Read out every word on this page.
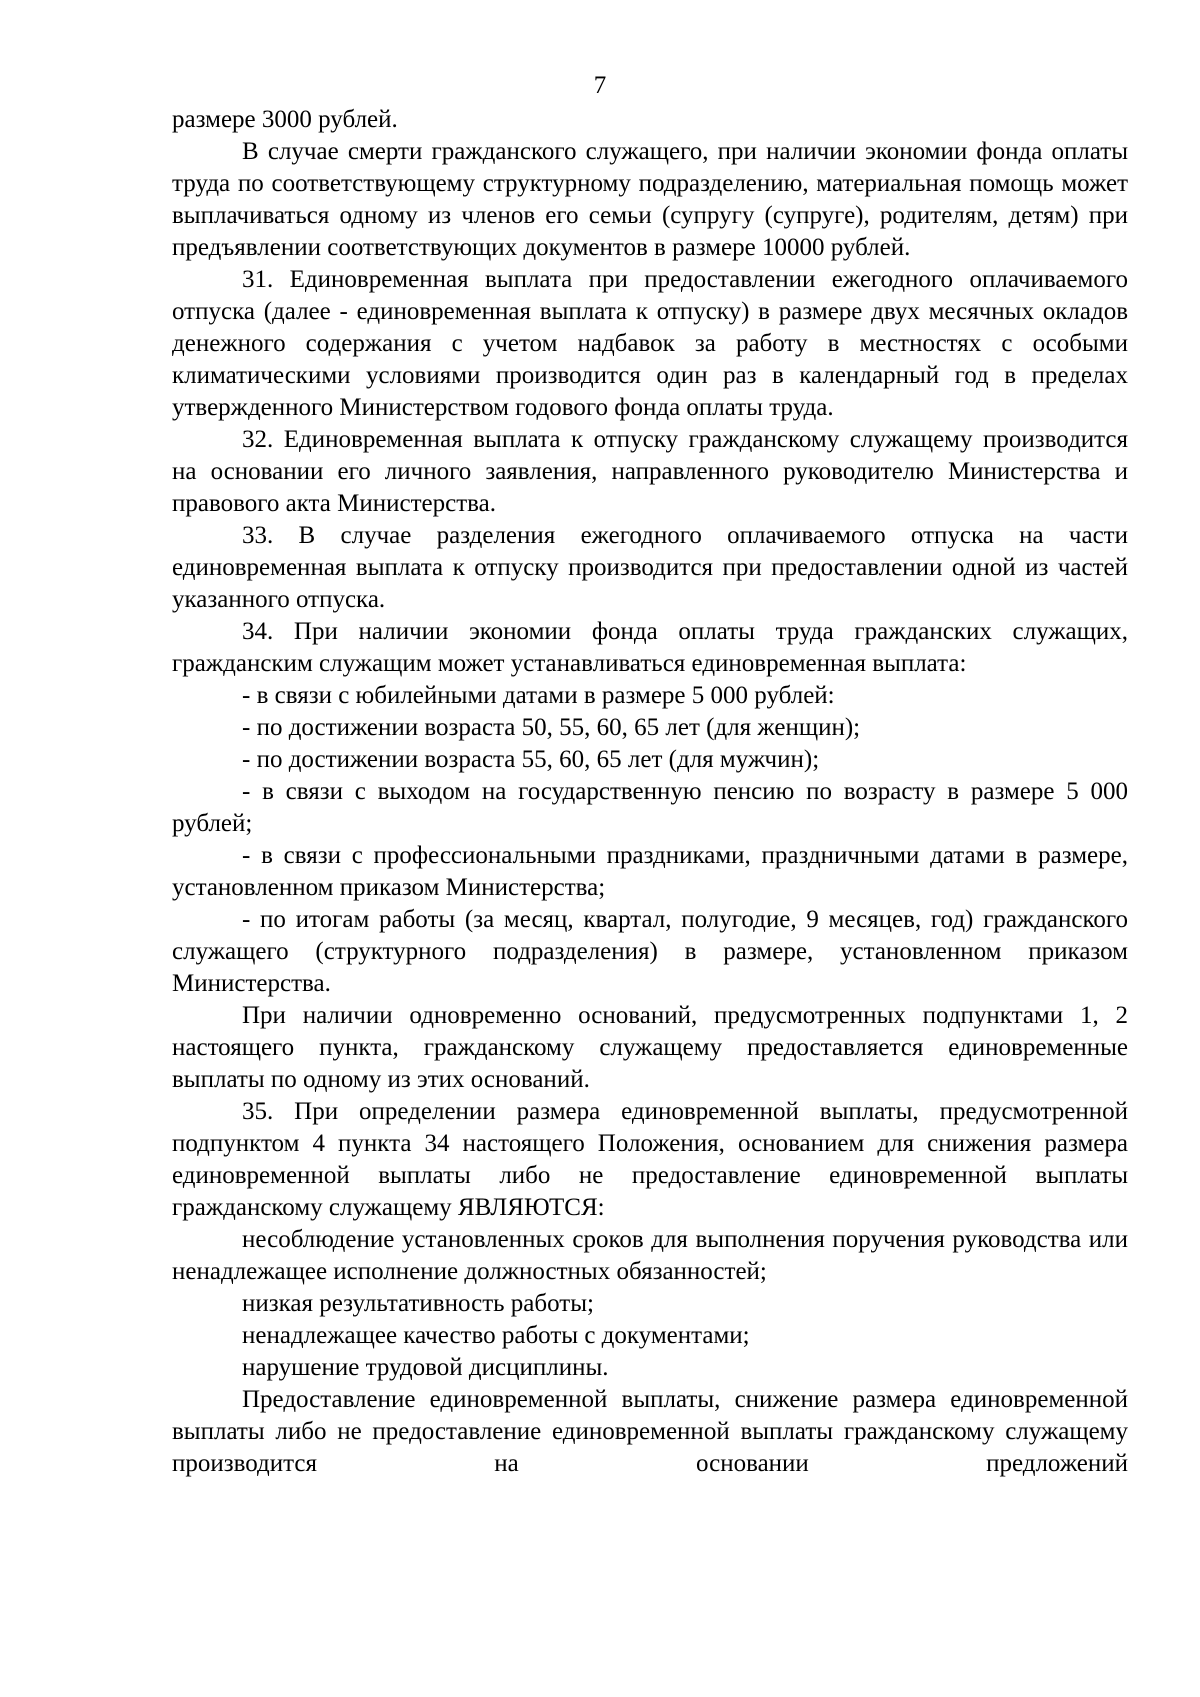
7

размере 3000 рублей.

В случае смерти гражданского служащего, при наличии экономии фонда оплаты труда по соответствующему структурному подразделению, материальная помощь может выплачиваться одному из членов его семьи (супругу (супруге), родителям, детям) при предъявлении соответствующих документов в размере 10000 рублей.

31. Единовременная выплата при предоставлении ежегодного оплачиваемого отпуска (далее - единовременная выплата к отпуску) в размере двух месячных окладов денежного содержания с учетом надбавок за работу в местностях с особыми климатическими условиями производится один раз в календарный год в пределах утвержденного Министерством годового фонда оплаты труда.

32. Единовременная выплата к отпуску гражданскому служащему производится на основании его личного заявления, направленного руководителю Министерства и правового акта Министерства.

33. В случае разделения ежегодного оплачиваемого отпуска на части единовременная выплата к отпуску производится при предоставлении одной из частей указанного отпуска.

34. При наличии экономии фонда оплаты труда гражданских служащих, гражданским служащим может устанавливаться единовременная выплата:

- в связи с юбилейными датами в размере 5 000 рублей:

- по достижении возраста 50, 55, 60, 65 лет (для женщин);

- по достижении возраста 55, 60, 65 лет (для мужчин);

- в связи с выходом на государственную пенсию по возрасту в размере 5 000 рублей;

- в связи с профессиональными праздниками, праздничными датами в размере, установленном приказом Министерства;

- по итогам работы (за месяц, квартал, полугодие, 9 месяцев, год) гражданского служащего (структурного подразделения) в размере, установленном приказом Министерства.

При наличии одновременно оснований, предусмотренных подпунктами 1, 2 настоящего пункта, гражданскому служащему предоставляется единовременные выплаты по одному из этих оснований.

35. При определении размера единовременной выплаты, предусмотренной подпунктом 4 пункта 34 настоящего Положения, основанием для снижения размера единовременной выплаты либо не предоставление единовременной выплаты гражданскому служащему ЯВЛЯЮТСЯ:

несоблюдение установленных сроков для выполнения поручения руководства или ненадлежащее исполнение должностных обязанностей;

низкая результативность работы;

ненадлежащее качество работы с документами;

нарушение трудовой дисциплины.

Предоставление единовременной выплаты, снижение размера единовременной выплаты либо не предоставление единовременной выплаты гражданскому служащему производится на основании предложений
